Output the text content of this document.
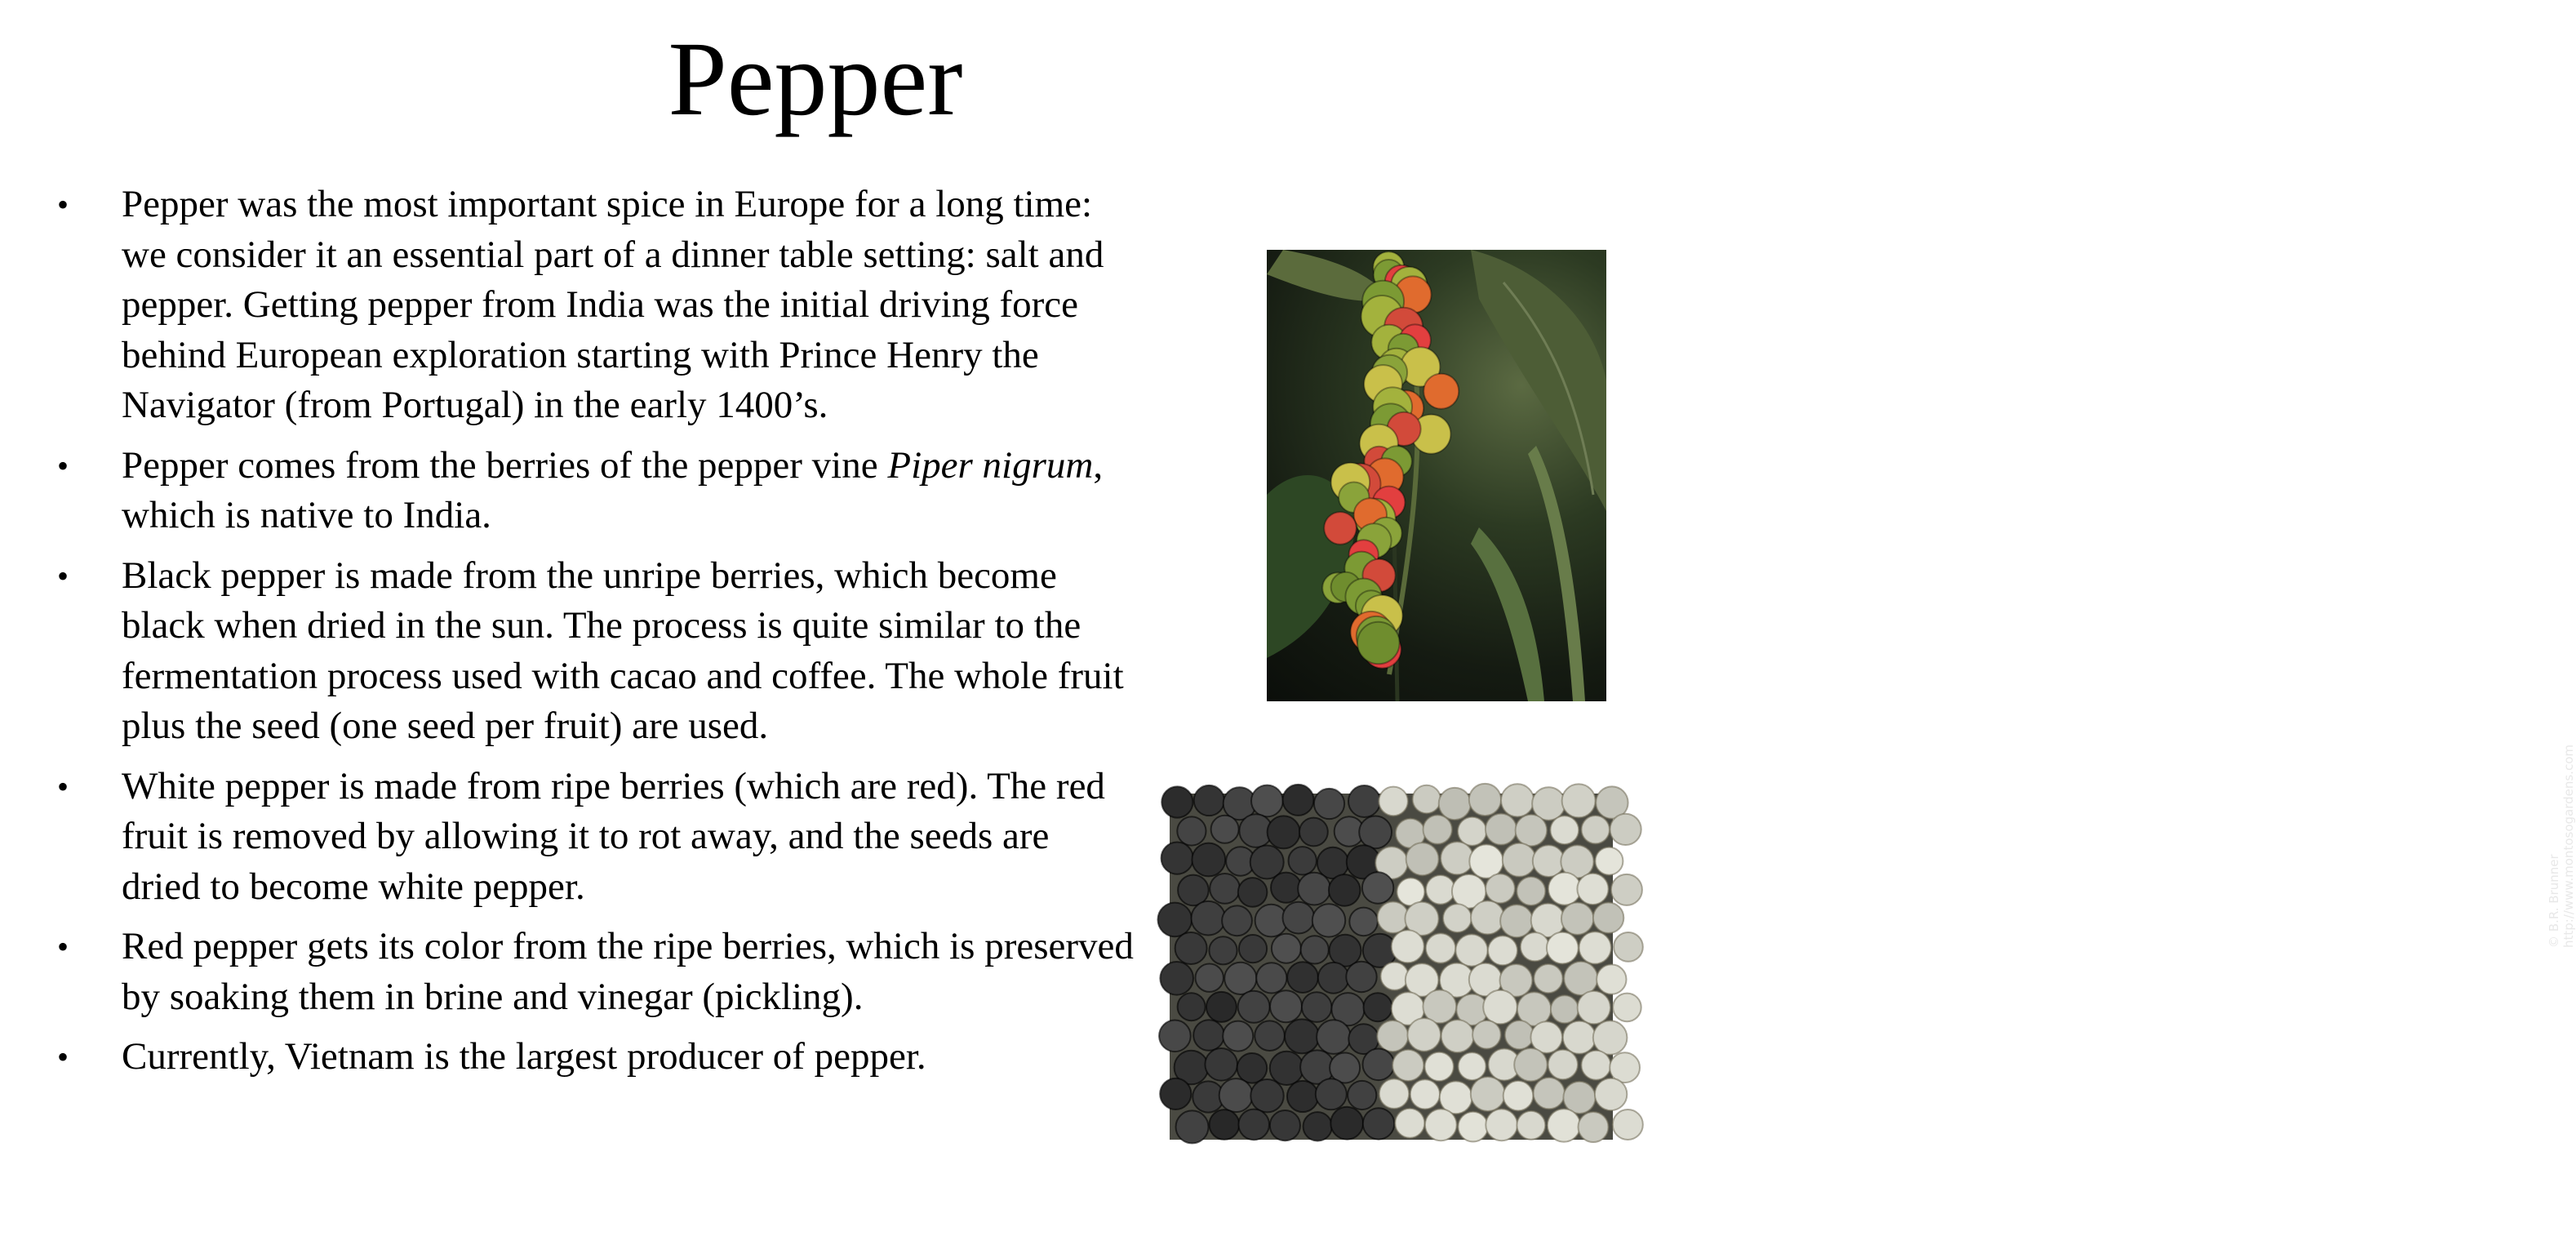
Pepper
•	Pepper was the most important spice in Europe for a long time: we consider it an essential part of a dinner table setting: salt and pepper. Getting pepper from India was the initial driving force behind European exploration starting with Prince Henry the Navigator (from Portugal) in the early 1400’s.
•	Pepper comes from the berries of the pepper vine Piper nigrum, which is native to India.
•	Black pepper is made from the unripe berries, which become black when dried in the sun. The process is quite similar to the fermentation process used with cacao and coffee. The whole fruit plus the seed (one seed per fruit) are used.
•	White pepper is made from ripe berries (which are red). The red fruit is removed by allowing it to rot away, and the seeds are dried to become white pepper.
•	Red pepper gets its color from the ripe berries, which is preserved by soaking them in brine and vinegar (pickling).
•	Currently, Vietnam is the largest producer of pepper.
© B.R. Brunner http://www.montosogardens.com
